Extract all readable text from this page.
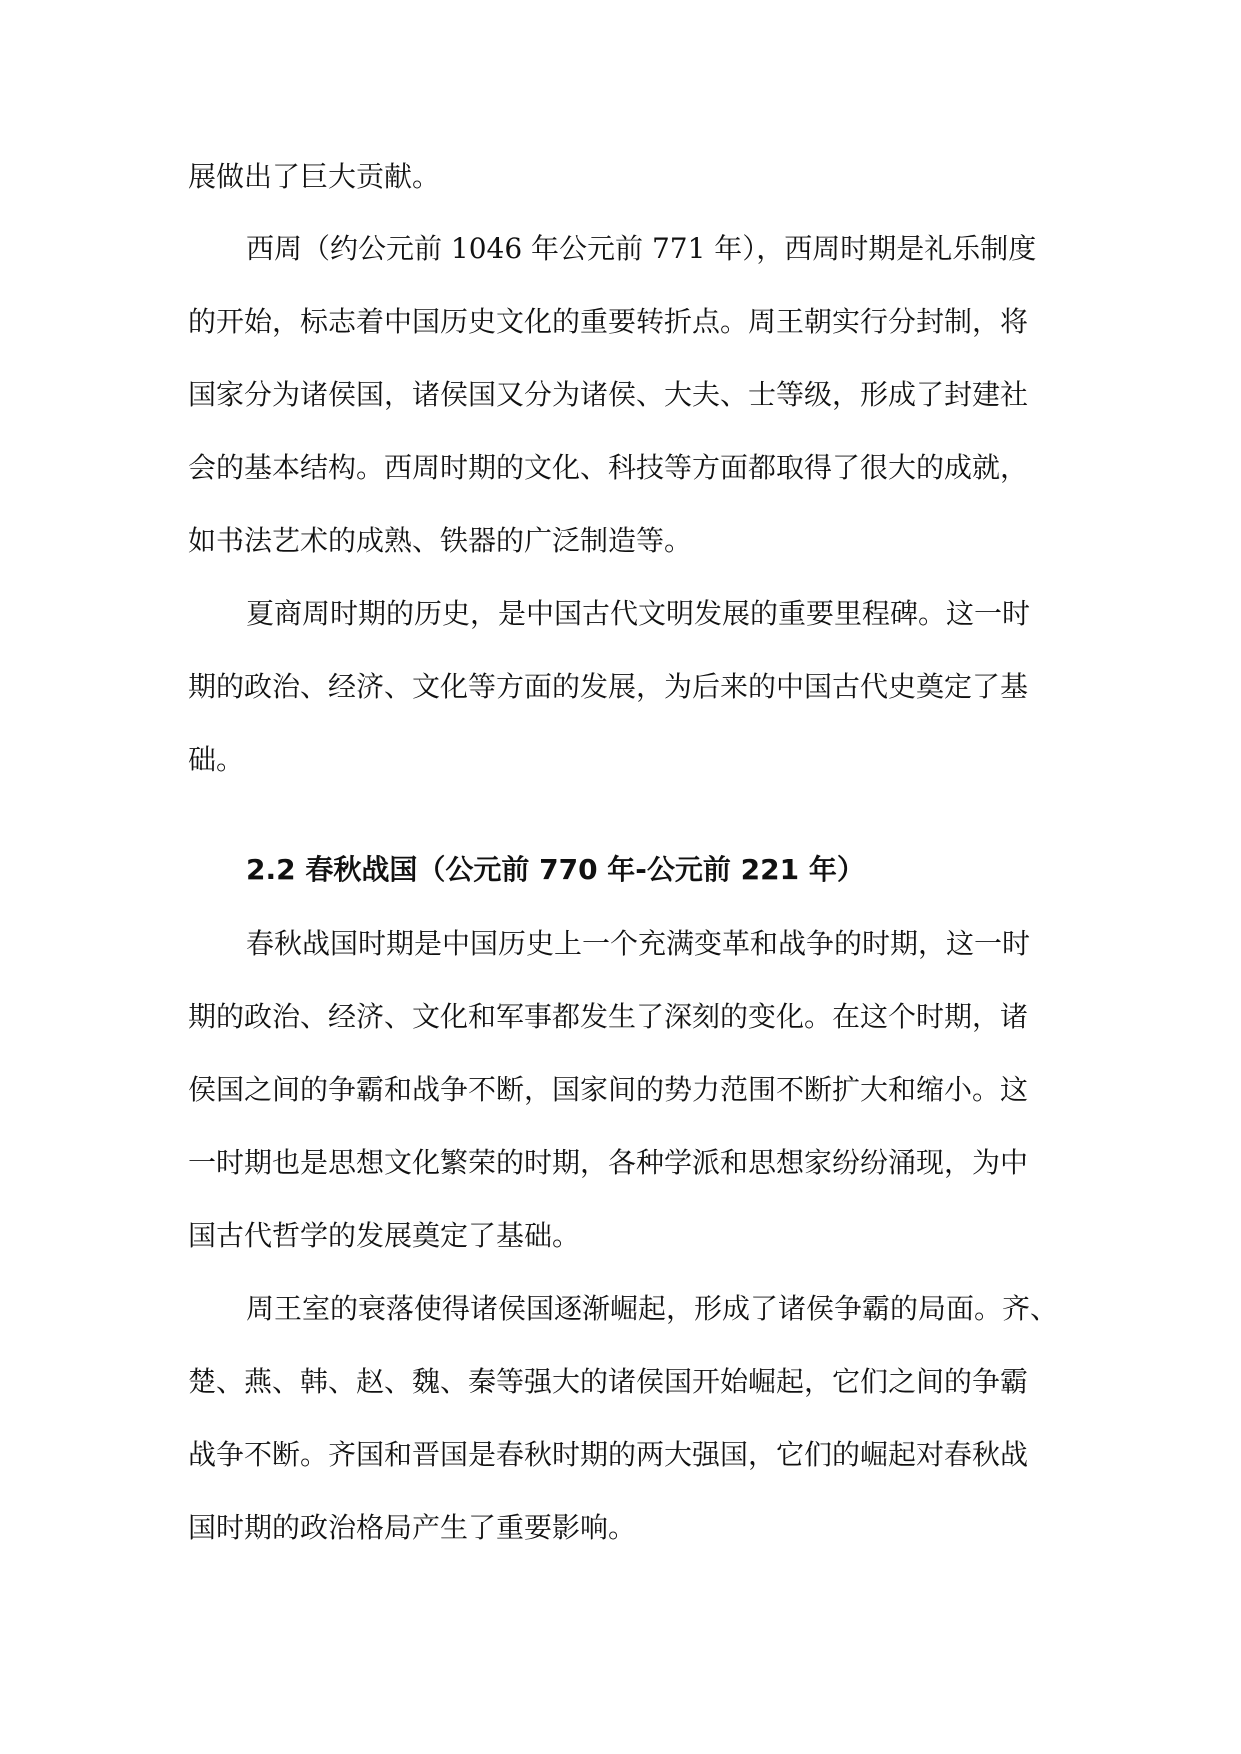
展做出了巨大贡献。
西周（约公元前 1046 年公元前 771 年），西周时期是礼乐制度
的开始，标志着中国历史文化的重要转折点。周王朝实行分封制，将
国家分为诸侯国，诸侯国又分为诸侯、大夫、士等级，形成了封建社
会的基本结构。西周时期的文化、科技等方面都取得了很大的成就，
如书法艺术的成熟、铁器的广泛制造等。
夏商周时期的历史，是中国古代文明发展的重要里程碑。这一时
期的政治、经济、文化等方面的发展，为后来的中国古代史奠定了基
础。
2.2 春秋战国（公元前 770 年-公元前 221 年）
春秋战国时期是中国历史上一个充满变革和战争的时期，这一时
期的政治、经济、文化和军事都发生了深刻的变化。在这个时期，诸
侯国之间的争霸和战争不断，国家间的势力范围不断扩大和缩小。这
一时期也是思想文化繁荣的时期，各种学派和思想家纷纷涌现，为中
国古代哲学的发展奠定了基础。
周王室的衰落使得诸侯国逐渐崛起，形成了诸侯争霸的局面。齐、
楚、燕、韩、赵、魏、秦等强大的诸侯国开始崛起，它们之间的争霸
战争不断。齐国和晋国是春秋时期的两大强国，它们的崛起对春秋战
国时期的政治格局产生了重要影响。
